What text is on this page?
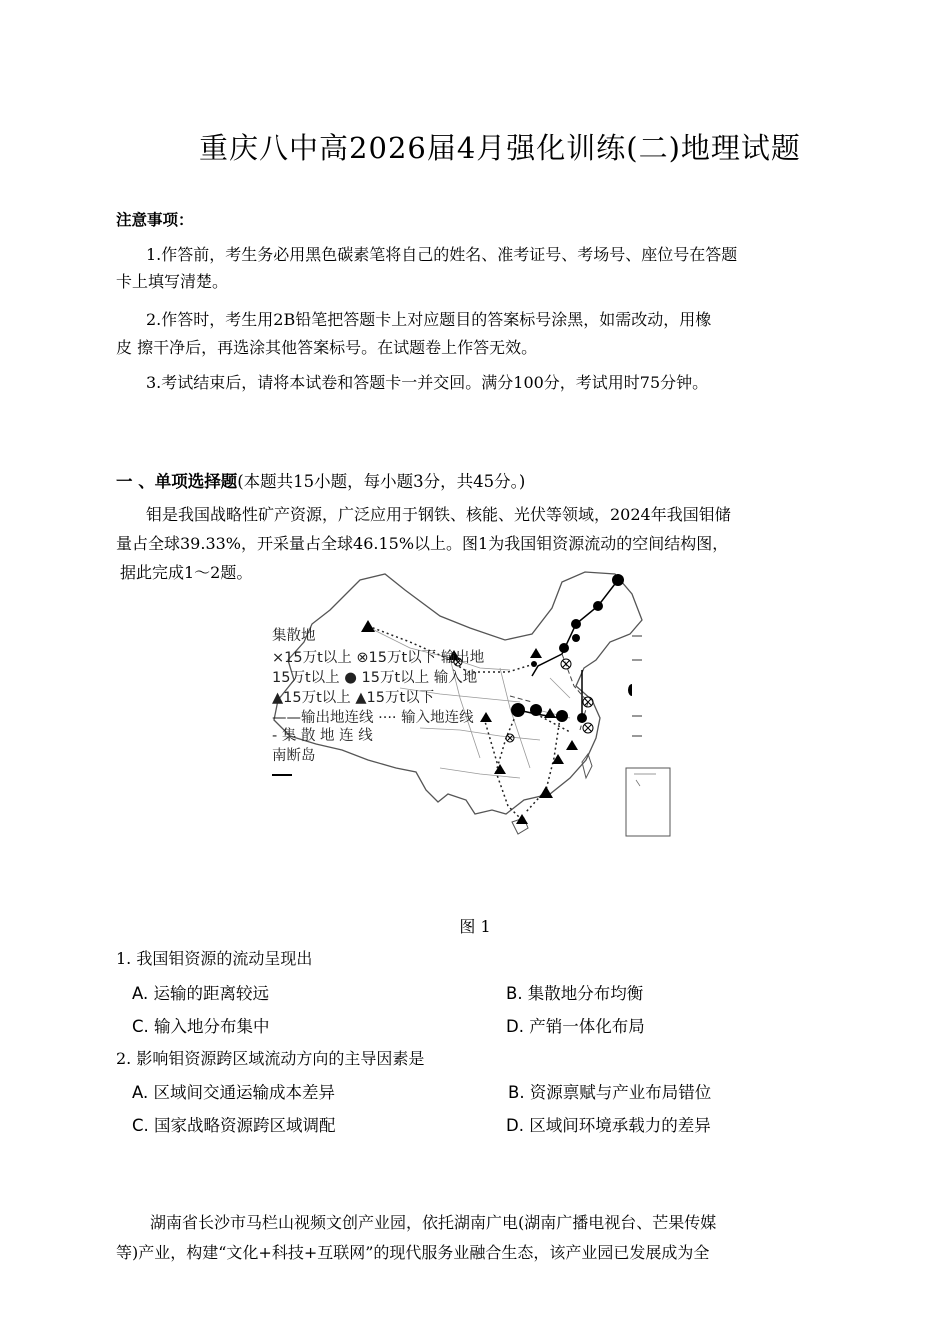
重庆八中高2026届4月强化训练(二)地理试题
注意事项：
1.作答前，考生务必用黑色碳素笔将自己的姓名、准考证号、考场号、座位号在答题
卡上填写清楚。
2.作答时，考生用2B铅笔把答题卡上对应题目的答案标号涂黑，如需改动，用橡
皮 擦干净后，再选涂其他答案标号。在试题卷上作答无效。
3.考试结束后，请将本试卷和答题卡一并交回。满分100分，考试用时75分钟。
一 、单项选择题(本题共15小题，每小题3分，共45分。)
钼是我国战略性矿产资源，广泛应用于钢铁、核能、光伏等领域，2024年我国钼储
量占全球39.33%，开采量占全球46.15%以上。图1为我国钼资源流动的空间结构图，
据此完成1～2题。
集散地
×15万t以上 ⊗15万t以下 输出地
15万t以上 ● 15万t以上 输入地
▲15万t以上 ▲15万t以下
——输出地连线 ···· 输入地连线
- 集 散 地 连 线
南断岛
图 1
1. 我国钼资源的流动呈现出
A. 运输的距离较远	B. 集散地分布均衡
C. 输入地分布集中	D. 产销一体化布局
2. 影响钼资源跨区域流动方向的主导因素是
A. 区域间交通运输成本差异	B. 资源禀赋与产业布局错位
C. 国家战略资源跨区域调配	D. 区域间环境承载力的差异
湖南省长沙市马栏山视频文创产业园，依托湖南广电(湖南广播电视台、芒果传媒
等)产业，构建“文化+科技+互联网”的现代服务业融合生态，该产业园已发展成为全
